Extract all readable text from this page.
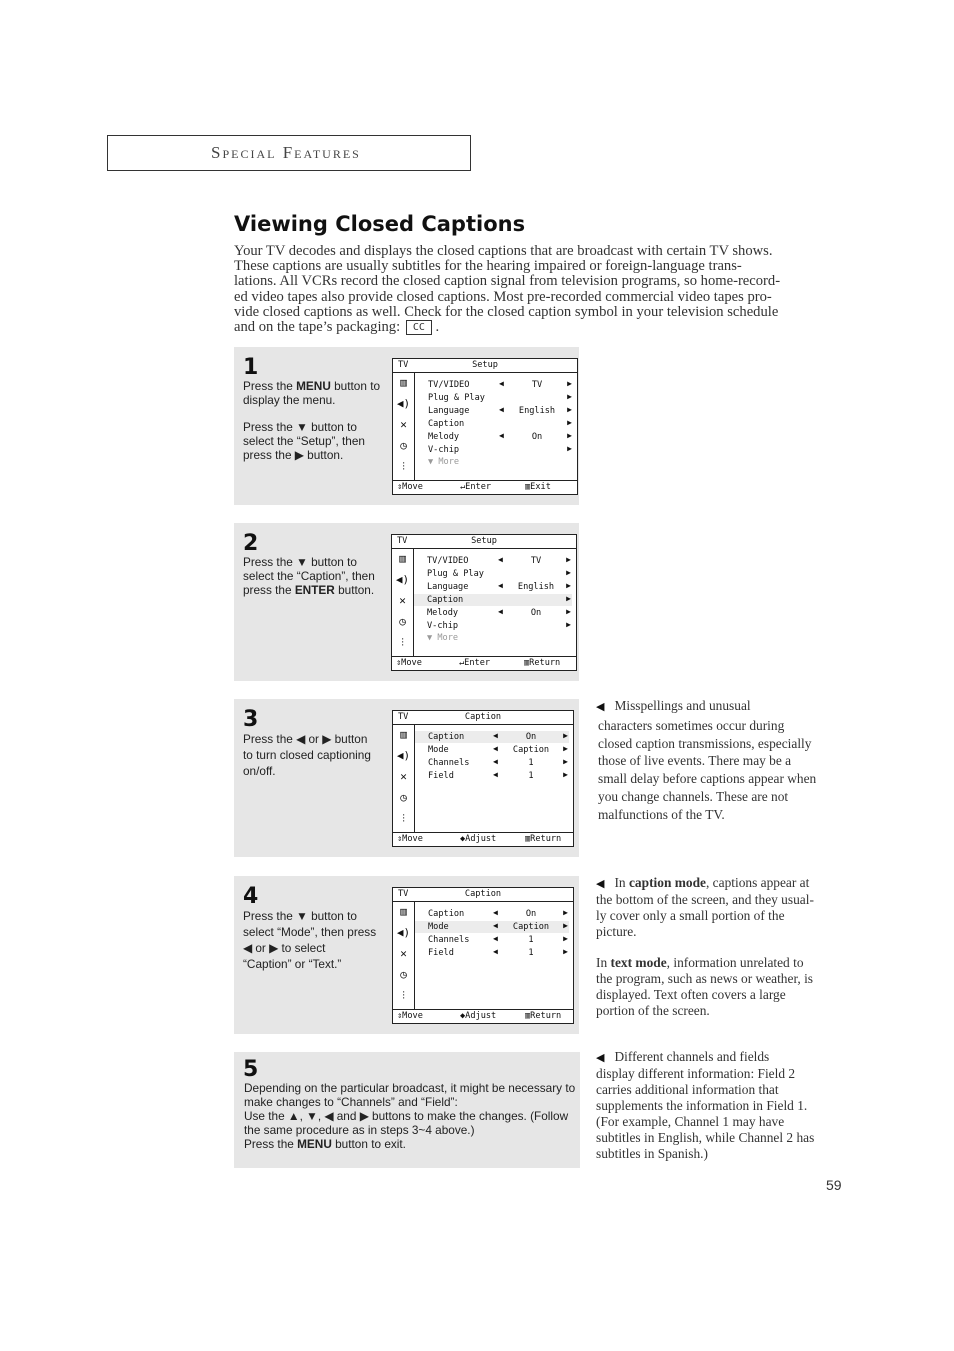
Special Features
Viewing Closed Captions
Your TV decodes and displays the closed captions that are broadcast with certain TV shows.
These captions are usually subtitles for the hearing impaired or foreign-language trans-
lations. All VCRs record the closed caption signal from television programs, so home-record-
ed video tapes also provide closed captions. Most pre-recorded commercial video tapes pro-
vide closed captions as well. Check for the closed caption symbol in your television schedule
and on the tape’s packaging: CC .
1
Press the MENU button to
display the menu.
Press the ▼ button to
select the “Setup”, then
press the ▶ button.
Setup
TV
▥
◀)
✕
◷
⫶
TV/VIDEO	◀	TV	▶
Plug & Play	▶
Language	◀	English	▶
Caption	▶
Melody	◀	On	▶
V-chip	▶
▼ More
⇕Move	↵Enter	▥Exit
2
Press the ▼ button to
select the “Caption”, then
press the ENTER button.
Setup
TV
▥
◀)
✕
◷
⫶
TV/VIDEO	◀	TV	▶
Plug & Play	▶
Language	◀	English	▶
Caption	▶
Melody	◀	On	▶
V-chip	▶
▼ More
⇕Move	↵Enter	▥Return
3
Press the ◀ or ▶ button
to turn closed captioning
on/off.
Caption
TV
▥
◀)
✕
◷
⫶
Caption	◀	On	▶
Mode	◀	Caption	▶
Channels	◀	1	▶
Field	◀	1	▶
⇕Move	◆Adjust	▥Return
4
Press the ▼ button to
select “Mode”, then press
◀ or ▶ to select
“Caption” or “Text.”
Caption
TV
▥
◀)
✕
◷
⫶
Caption	◀	On	▶
Mode	◀	Caption	▶
Channels	◀	1	▶
Field	◀	1	▶
⇕Move	◆Adjust	▥Return
5
Depending on the particular broadcast, it might be necessary to
make changes to “Channels” and “Field”:
Use the ▲, ▼, ◀ and ▶ buttons to make the changes. (Follow
the same procedure as in steps 3~4 above.)
Press the MENU button to exit.
◀ Misspellings and unusual
characters sometimes occur during
closed caption transmissions, especially
those of live events. There may be a
small delay before captions appear when
you change channels. These are not
malfunctions of the TV.
◀ In caption mode, captions appear at
the bottom of the screen, and they usual-
ly cover only a small portion of the
picture.
In text mode, information unrelated to
the program, such as news or weather, is
displayed. Text often covers a large
portion of the screen.
◀ Different channels and fields
display different information: Field 2
carries additional information that
supplements the information in Field 1.
(For example, Channel 1 may have
subtitles in English, while Channel 2 has
subtitles in Spanish.)
59
